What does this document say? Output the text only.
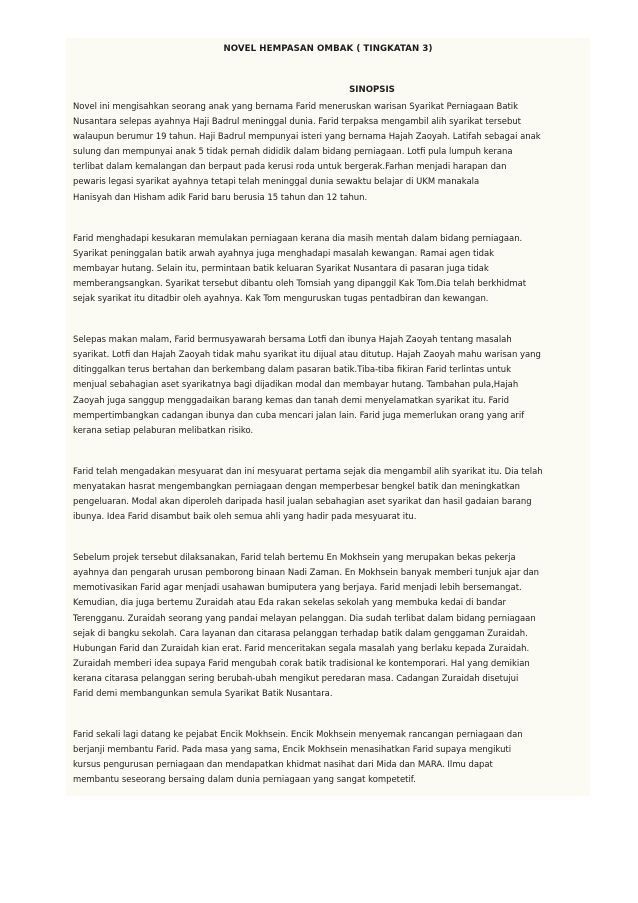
NOVEL HEMPASAN OMBAK ( TINGKATAN 3)
SINOPSIS

Novel ini mengisahkan seorang anak yang bernama Farid meneruskan warisan Syarikat Perniagaan Batik
Nusantara selepas ayahnya Haji Badrul meninggal dunia. Farid terpaksa mengambil alih syarikat tersebut
walaupun berumur 19 tahun. Haji Badrul mempunyai isteri yang bernama Hajah Zaoyah. Latifah sebagai anak
sulung dan mempunyai anak 5 tidak pernah dididik dalam bidang perniagaan. Lotfi pula lumpuh kerana
terlibat dalam kemalangan dan berpaut pada kerusi roda untuk bergerak.Farhan menjadi harapan dan
pewaris legasi syarikat ayahnya tetapi telah meninggal dunia sewaktu belajar di UKM manakala
Hanisyah dan Hisham adik Farid baru berusia 15 tahun dan 12 tahun.

Farid menghadapi kesukaran memulakan perniagaan kerana dia masih mentah dalam bidang perniagaan.
Syarikat peninggalan batik arwah ayahnya juga menghadapi masalah kewangan. Ramai agen tidak
membayar hutang. Selain itu, permintaan batik keluaran Syarikat Nusantara di pasaran juga tidak
memberangsangkan. Syarikat tersebut dibantu oleh Tomsiah yang dipanggil Kak Tom.Dia telah berkhidmat
sejak syarikat itu ditadbir oleh ayahnya. Kak Tom menguruskan tugas pentadbiran dan kewangan.

Selepas makan malam, Farid bermusyawarah bersama Lotfi dan ibunya Hajah Zaoyah tentang masalah
syarikat. Lotfi dan Hajah Zaoyah tidak mahu syarikat itu dijual atau ditutup. Hajah Zaoyah mahu warisan yang
ditinggalkan terus bertahan dan berkembang dalam pasaran batik.Tiba-tiba fikiran Farid terlintas untuk
menjual sebahagian aset syarikatnya bagi dijadikan modal dan membayar hutang. Tambahan pula,Hajah
Zaoyah juga sanggup menggadaikan barang kemas dan tanah demi menyelamatkan syarikat itu. Farid
mempertimbangkan cadangan ibunya dan cuba mencari jalan lain. Farid juga memerlukan orang yang arif
kerana setiap pelaburan melibatkan risiko.

Farid telah mengadakan mesyuarat dan ini mesyuarat pertama sejak dia mengambil alih syarikat itu. Dia telah
menyatakan hasrat mengembangkan perniagaan dengan memperbesar bengkel batik dan meningkatkan
pengeluaran. Modal akan diperoleh daripada hasil jualan sebahagian aset syarikat dan hasil gadaian barang
ibunya. Idea Farid disambut baik oleh semua ahli yang hadir pada mesyuarat itu.

Sebelum projek tersebut dilaksanakan, Farid telah bertemu En Mokhsein yang merupakan bekas pekerja
ayahnya dan pengarah urusan pemborong binaan Nadi Zaman. En Mokhsein banyak memberi tunjuk ajar dan
memotivasikan Farid agar menjadi usahawan bumiputera yang berjaya. Farid menjadi lebih bersemangat.
Kemudian, dia juga bertemu Zuraidah atau Eda rakan sekelas sekolah yang membuka kedai di bandar
Terengganu. Zuraidah seorang yang pandai melayan pelanggan. Dia sudah terlibat dalam bidang perniagaan
sejak di bangku sekolah. Cara layanan dan citarasa pelanggan terhadap batik dalam genggaman Zuraidah.
Hubungan Farid dan Zuraidah kian erat. Farid menceritakan segala masalah yang berlaku kepada Zuraidah.
Zuraidah memberi idea supaya Farid mengubah corak batik tradisional ke kontemporari. Hal yang demikian
kerana citarasa pelanggan sering berubah-ubah mengikut peredaran masa. Cadangan Zuraidah disetujui
Farid demi membangunkan semula Syarikat Batik Nusantara.

Farid sekali lagi datang ke pejabat Encik Mokhsein. Encik Mokhsein menyemak rancangan perniagaan dan
berjanji membantu Farid. Pada masa yang sama, Encik Mokhsein menasihatkan Farid supaya mengikuti
kursus pengurusan perniagaan dan mendapatkan khidmat nasihat dari Mida dan MARA. Ilmu dapat
membantu seseorang bersaing dalam dunia perniagaan yang sangat kompetetif.
